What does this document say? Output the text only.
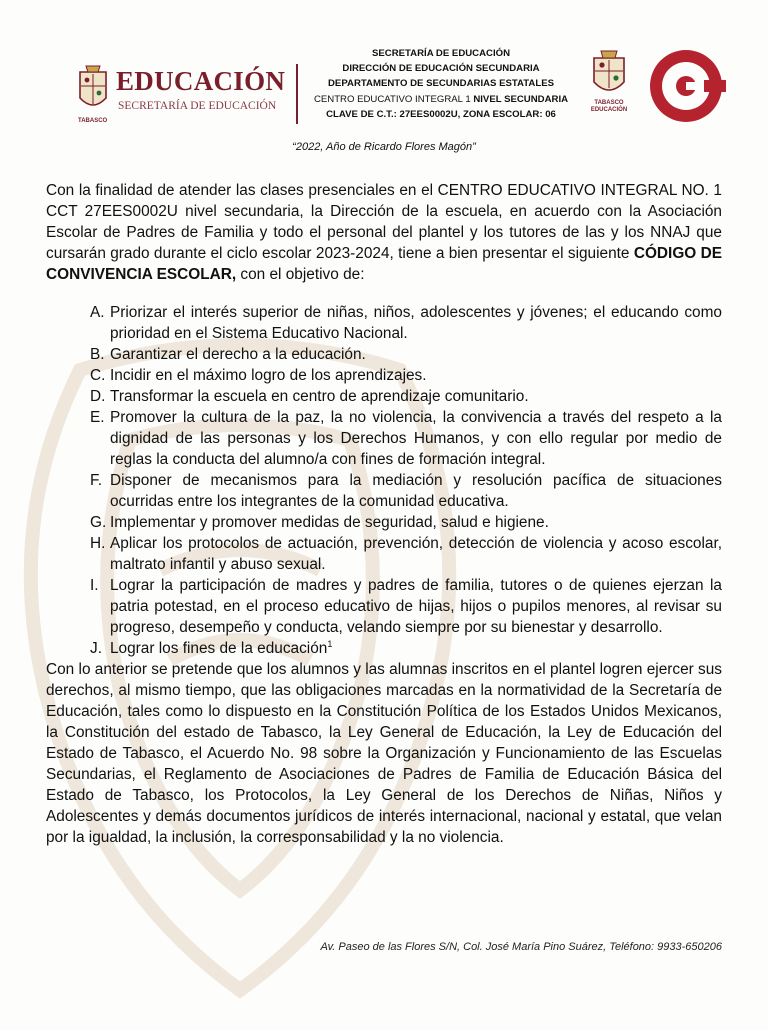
TABASCO
EDUCACIÓN
SECRETARÍA DE EDUCACIÓN
SECRETARÍA DE EDUCACIÓN
DIRECCIÓN DE EDUCACIÓN SECUNDARIA
DEPARTAMENTO DE SECUNDARIAS ESTATALES
CENTRO EDUCATIVO INTEGRAL 1 NIVEL SECUNDARIA
CLAVE DE C.T.: 27EES0002U, ZONA ESCOLAR: 06
TABASCO
EDUCACIÓN
“2022, Año de Ricardo Flores Magón”

Con la finalidad de atender las clases presenciales en el CENTRO EDUCATIVO INTEGRAL NO. 1 CCT 27EES0002U nivel secundaria, la Dirección de la escuela, en acuerdo con la Asociación Escolar de Padres de Familia y todo el personal del plantel y los tutores de las y los NNAJ que cursarán grado durante el ciclo escolar 2023-2024, tiene a bien presentar el siguiente CÓDIGO DE CONVIVENCIA ESCOLAR, con el objetivo de:

A. Priorizar el interés superior de niñas, niños, adolescentes y jóvenes; el educando como prioridad en el Sistema Educativo Nacional.
B. Garantizar el derecho a la educación.
C. Incidir en el máximo logro de los aprendizajes.
D. Transformar la escuela en centro de aprendizaje comunitario.
E. Promover la cultura de la paz, la no violencia, la convivencia a través del respeto a la dignidad de las personas y los Derechos Humanos, y con ello regular por medio de reglas la conducta del alumno/a con fines de formación integral.
F. Disponer de mecanismos para la mediación y resolución pacífica de situaciones ocurridas entre los integrantes de la comunidad educativa.
G. Implementar y promover medidas de seguridad, salud e higiene.
H. Aplicar los protocolos de actuación, prevención, detección de violencia y acoso escolar, maltrato infantil y abuso sexual.
I. Lograr la participación de madres y padres de familia, tutores o de quienes ejerzan la patria potestad, en el proceso educativo de hijas, hijos o pupilos menores, al revisar su progreso, desempeño y conducta, velando siempre por su bienestar y desarrollo.
J. Lograr los fines de la educación$^1$

Con lo anterior se pretende que los alumnos y las alumnas inscritos en el plantel logren ejercer sus derechos, al mismo tiempo, que las obligaciones marcadas en la normatividad de la Secretaría de Educación, tales como lo dispuesto en la Constitución Política de los Estados Unidos Mexicanos, la Constitución del estado de Tabasco, la Ley General de Educación, la Ley de Educación del Estado de Tabasco, el Acuerdo No. 98 sobre la Organización y Funcionamiento de las Escuelas Secundarias, el Reglamento de Asociaciones de Padres de Familia de Educación Básica del Estado de Tabasco, los Protocolos, la Ley General de los Derechos de Niñas, Niños y Adolescentes y demás documentos jurídicos de interés internacional, nacional y estatal, que velan por la igualdad, la inclusión, la corresponsabilidad y la no violencia.

Av. Paseo de las Flores S/N, Col. José María Pino Suárez, Teléfono: 9933-650206
